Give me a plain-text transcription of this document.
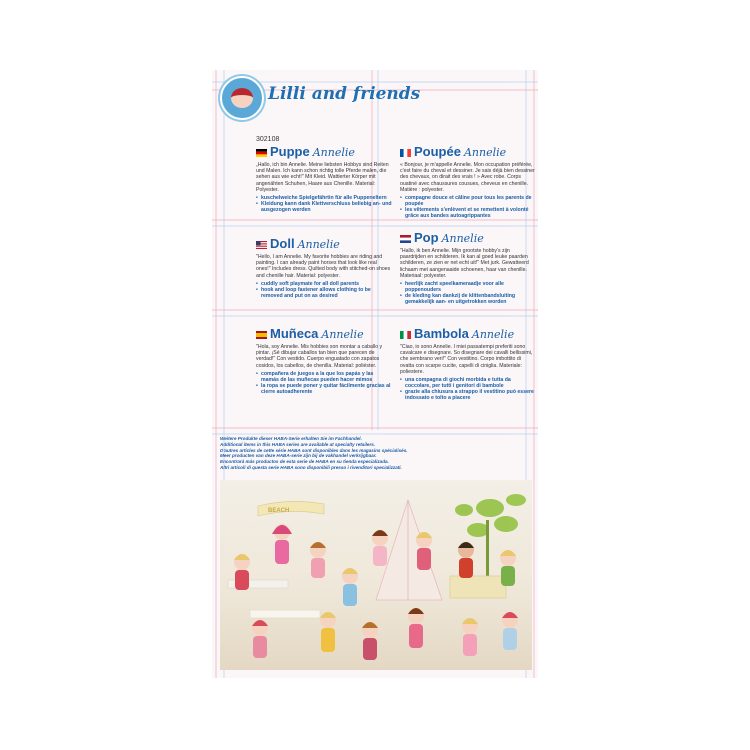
Lilli and friends
302108
Puppe Annelie
„Hallo, ich bin Annelie. Meine liebsten Hobbys sind Reiten und Malen. Ich kann schon richtig tolle Pferde malen, die sehen aus wie echt!" Mit Kleid. Wattierter Körper mit angenähten Schuhen, Haare aus Chenille. Material: Polyester.
• kuschelweiche Spielgefährtin für alle Puppeneltern
• Kleidung kann dank Klettverschluss beliebig an- und ausgezogen werden
Poupée Annelie
« Bonjour, je m'appelle Annelie. Mon occupation préférée, c'est faire du cheval et dessiner. Je sais déjà bien dessiner des chevaux, on dirait des vrais ! » Avec robe. Corps ouatiné avec chaussures cousues, cheveux en chenille. Matière : polyester.
• compagne douce et câline pour tous les parents de poupée
• les vêtements s'enlèvent et se remettent à volonté grâce aux bandes autoagrippantes
Doll Annelie
"Hello, I am Annelie. My favorite hobbies are riding and painting. I can already paint horses that look like real ones!" Includes dress. Quilted body with stitched-on shoes and chenille hair. Material: polyester.
• cuddly soft playmate for all doll parents
• hook and loop fastener allows clothing to be removed and put on as desired
Pop Annelie
"Hallo, ik ben Annelie. Mijn grootste hobby's zijn paardrijden en schilderen. Ik kan al goed leuke paarden schilderen, ze zien er net echt uit!" Met jurk. Gewatteerd lichaam met aangenaaide schoenen, haar van chenille. Materiaal: polyester.
• heerlijk zacht speelkameraadje voor alle poppenouders
• de kleding kan dankzij de klittenbandsluiting gemakkelijk aan- en uitgetrokken worden
Muñeca Annelie
"Hola, soy Annelie. Mis hobbies son montar a caballo y pintar. ¡Sé dibujar caballos tan bien que parecen de verdad!" Con vestido. Cuerpo enguatado con zapatos cosidos, los cabellos, de chenilla. Material: poliéster.
• compañera de juegos a la que los papás y las mamás de las muñecas pueden hacer mimos
• la ropa se puede poner y quitar fácilmente gracias al cierre autoadherente
Bambola Annelie
"Ciao, io sono Annelie. I miei passatempi preferiti sono cavalcare e disegnare. So disegnare dei cavalli bellissimi, che sembrano veri!" Con vestitino. Corpo imbottito di ovatta con scarpe cucite, capelli di ciniglia. Materiale: poliestere.
• una compagna di giochi morbida e tutta da coccolare, per tutti i genitori di bambole
• grazie alla chiusura a strappo il vestitino può essere indossato e tolto a piacere
Weitere Produkte dieser HABA-Serie erhalten Sie im Fachhandel.
Additional items in this HABA series are available at specialty retailers.
D'autres articles de cette série HABA sont disponibles dans les magasins spécialisés.
Meer producten van deze HABA-serie zijn bij de vakhandel verkrijgbaar.
Encontrará más productos de esta serie de HABA en su tienda especializada.
Altri articoli di questa serie HABA sono disponibili presso i rivenditori specializzati.
BEACH
